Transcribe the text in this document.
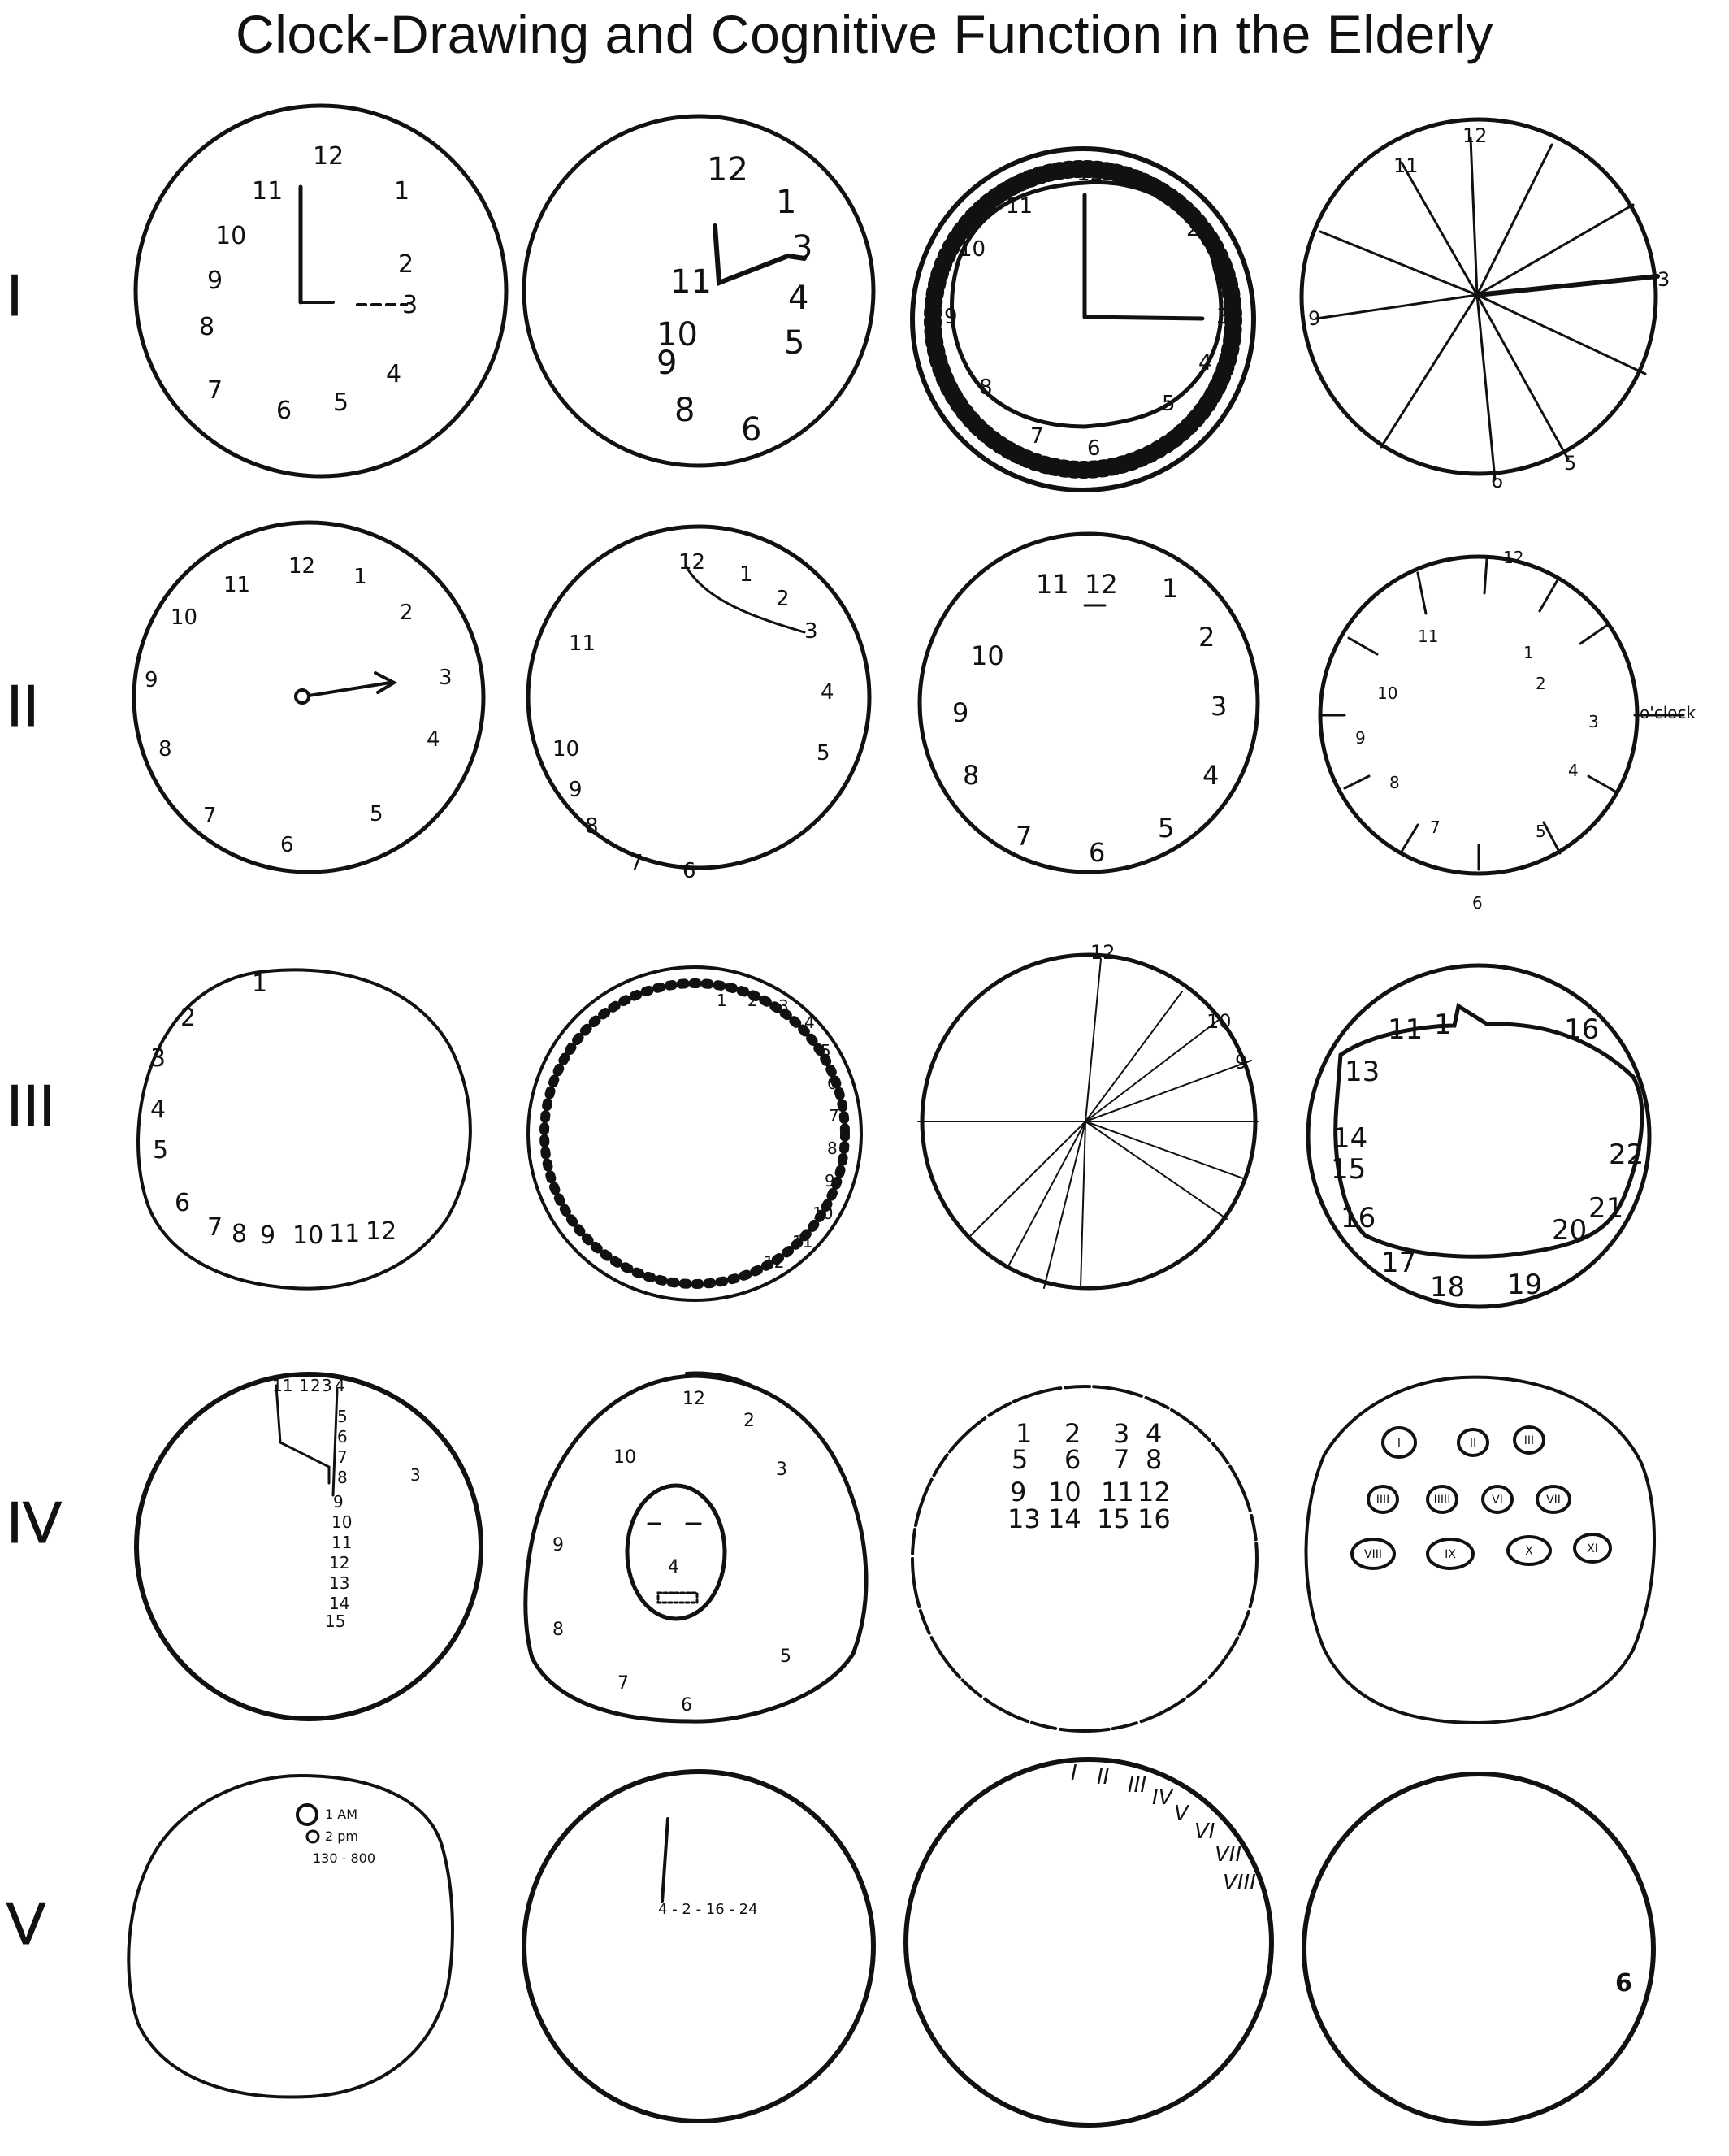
Clock-Drawing and Cognitive Function in the Elderly
I
II
III
IV
V
12
1
2
3
4
5
6
7
8
9
10
11
12
1
3
4
5
6
8
9
10
11
12
1
2
3
4
5
6
7
8
9
10
11
12
11
3
9
6
5
12 1
2
3
4
5
6
7
8
9
10
11
12 1
2
3
4
5
6
7
8
9
10
11
12 1
2
3
4
5
6
7
8
9
10
11
12
1
2
3
4
5
6
7
8
9
10
11
o'clock
1
2
3
4
5
6
7 8 9 10 11 12
1 2 3
4
5
6
7
8
9
10
11
12
12
10
9
11 1	16
13
14
15	22
21
20
19
18
17
16
11 1 2 3 4
5
6
7
8
9
10
11
12
13
14
15
3
12
2
3
4
5
6
7
8
9
10
1 2 3 4
5 6 7 8
9 10 11 12
13 14 15 16
I	II	III
IIII	IIIII	VI	VII
VIII	IX	X	XI
1 AM
2 pm
130 - 800
4 - 2 - 16 - 24
I II III IV
V
VI
VII
VIII
6
